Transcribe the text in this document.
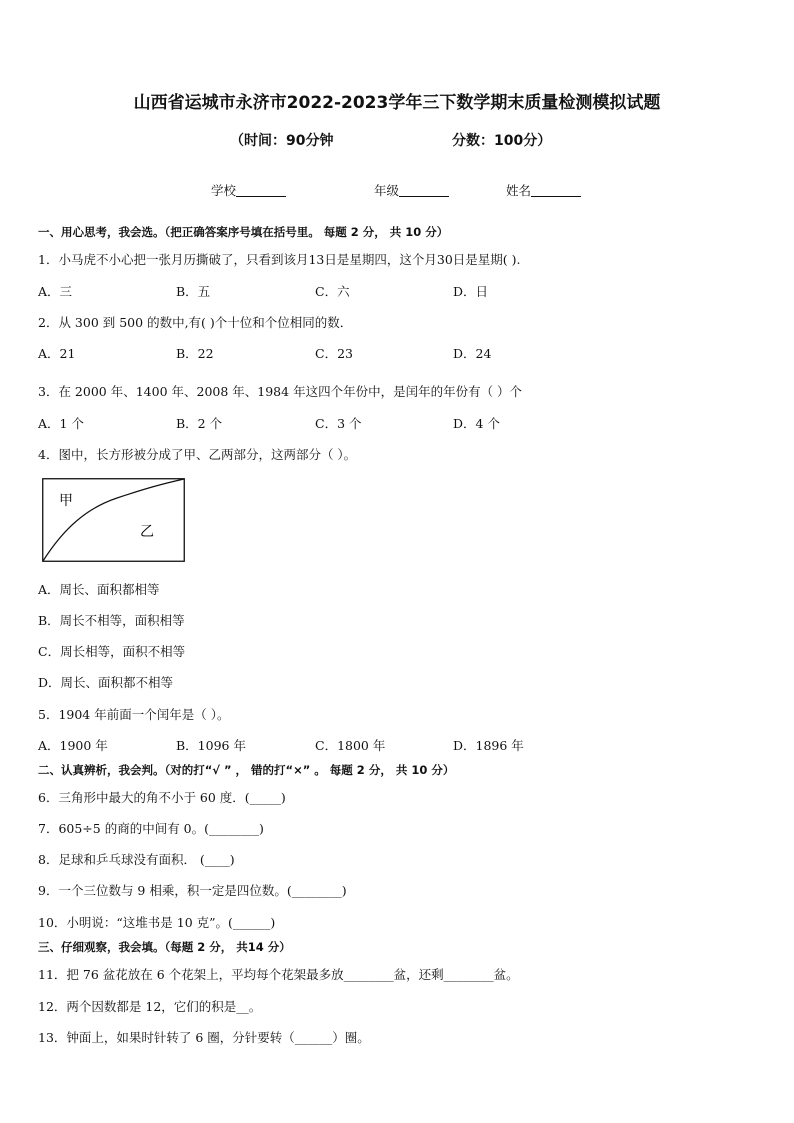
山西省运城市永济市2022-2023学年三下数学期末质量检测模拟试题
（时间：90分钟	分数：100分）
学校	年级	姓名
一、用心思考，我会选。（把正确答案序号填在括号里。 每题 2 分， 共 10 分）
1．小马虎不小心把一张月历撕破了，只看到该月13日是星期四，这个月30日是星期( ).
A．三	B．五	C．六	D．日
2．从 300 到 500 的数中,有( )个十位和个位相同的数．
A．21	B．22	C．23	D．24
3．在 2000 年、1400 年、2008 年、1984 年这四个年份中，是闰年的年份有（ ）个
A．1 个	B．2 个	C．3 个	D．4 个
4．图中，长方形被分成了甲、乙两部分，这两部分（ ）。
甲
乙
A．周长、面积都相等
B．周长不相等，面积相等
C．周长相等，面积不相等
D．周长、面积都不相等
5．1904 年前面一个闰年是（ ）。
A．1900 年	B．1096 年	C．1800 年	D．1896 年
二、认真辨析，我会判。（对的打“√ ” ， 错的打“×” 。 每题 2 分， 共 10 分）
6．三角形中最大的角不小于 60 度．(_____)
7．605÷5 的商的中间有 0。(________)
8．足球和乒乓球没有面积． (____)
9．一个三位数与 9 相乘，积一定是四位数。(________)
10．小明说：“这堆书是 10 克”。(______)
三、仔细观察，我会填。（每题 2 分， 共14 分）
11．把 76 盆花放在 6 个花架上，平均每个花架最多放________盆，还剩________盆。
12．两个因数都是 12，它们的积是__。
13．钟面上，如果时针转了 6 圈，分针要转（______）圈。
